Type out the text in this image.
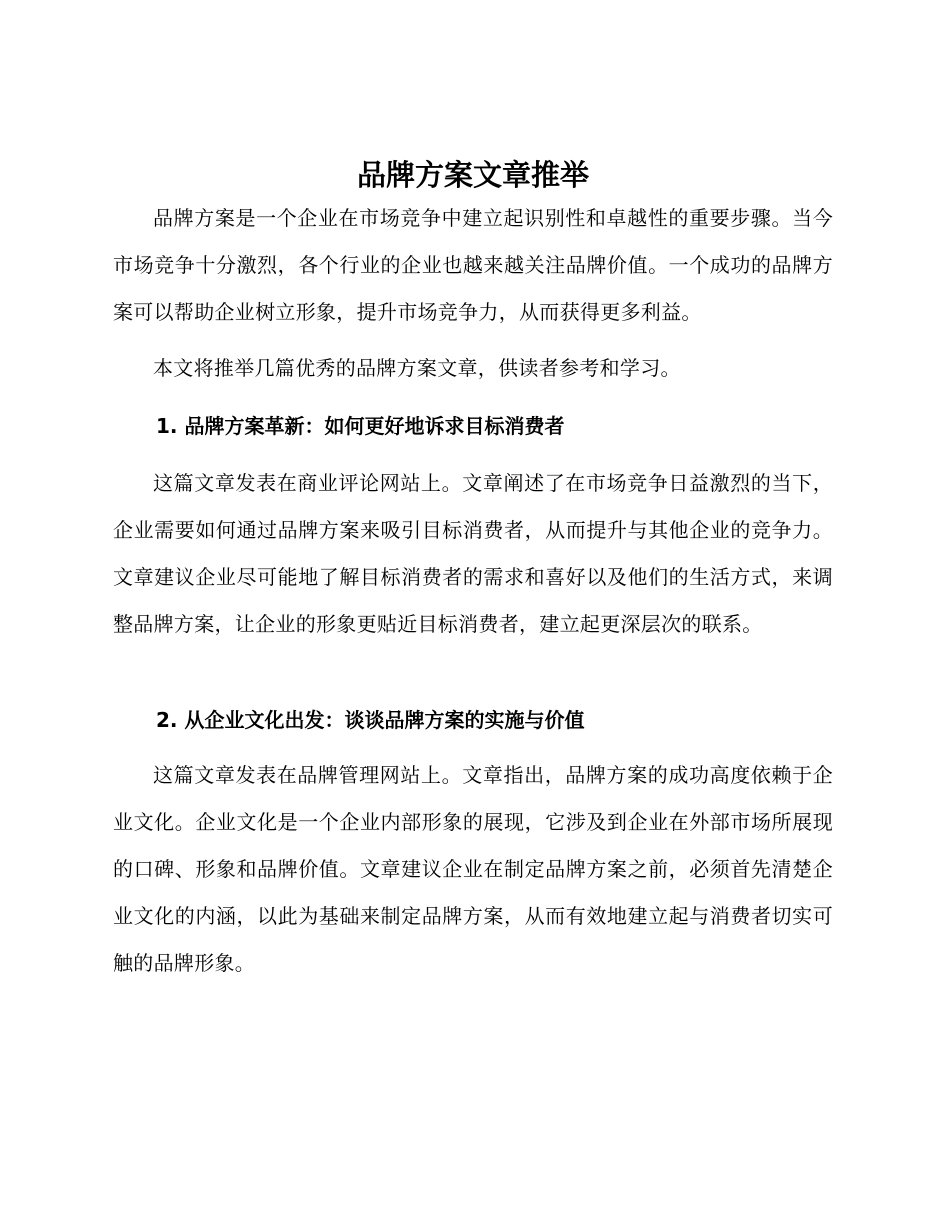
品牌方案文章推举

品牌方案是一个企业在市场竞争中建立起识别性和卓越性的重要步骤。当今市场竞争十分激烈，各个行业的企业也越来越关注品牌价值。一个成功的品牌方案可以帮助企业树立形象，提升市场竞争力，从而获得更多利益。

本文将推举几篇优秀的品牌方案文章，供读者参考和学习。

1. 品牌方案革新：如何更好地诉求目标消费者

这篇文章发表在商业评论网站上。文章阐述了在市场竞争日益激烈的当下，企业需要如何通过品牌方案来吸引目标消费者，从而提升与其他企业的竞争力。文章建议企业尽可能地了解目标消费者的需求和喜好以及他们的生活方式，来调整品牌方案，让企业的形象更贴近目标消费者，建立起更深层次的联系。

2. 从企业文化出发：谈谈品牌方案的实施与价值

这篇文章发表在品牌管理网站上。文章指出，品牌方案的成功高度依赖于企业文化。企业文化是一个企业内部形象的展现，它涉及到企业在外部市场所展现的口碑、形象和品牌价值。文章建议企业在制定品牌方案之前，必须首先清楚企业文化的内涵，以此为基础来制定品牌方案，从而有效地建立起与消费者切实可触的品牌形象。
